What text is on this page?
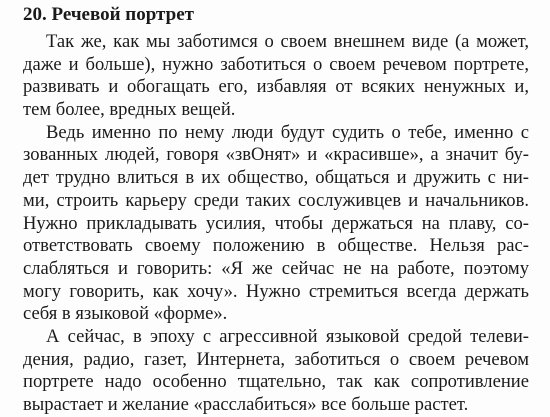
20. Речевой портрет
Так же, как мы заботимся о своем внешнем виде (а может,
даже и больше), нужно заботиться о своем речевом портрете,
развивать и обогащать его, избавляя от всяких ненужных и,
тем более, вредных вещей.
Ведь именно по нему люди будут судить о тебе, именно с
зованных людей, говоря «звОнят» и «красивше», а значит бу-
дет трудно влиться в их общество, общаться и дружить с ни-
ми, строить карьеру среди таких сослуживцев и начальников.
Нужно прикладывать усилия, чтобы держаться на плаву, со-
ответствовать своему положению в обществе. Нельзя рас-
слабляться и говорить: «Я же сейчас не на работе, поэтому
могу говорить, как хочу». Нужно стремиться всегда держать
себя в языковой «форме».
А сейчас, в эпоху с агрессивной языковой средой телеви-
дения, радио, газет, Интернета, заботиться о своем речевом
портрете надо особенно тщательно, так как сопротивление
вырастает и желание «расслабиться» все больше растет.
